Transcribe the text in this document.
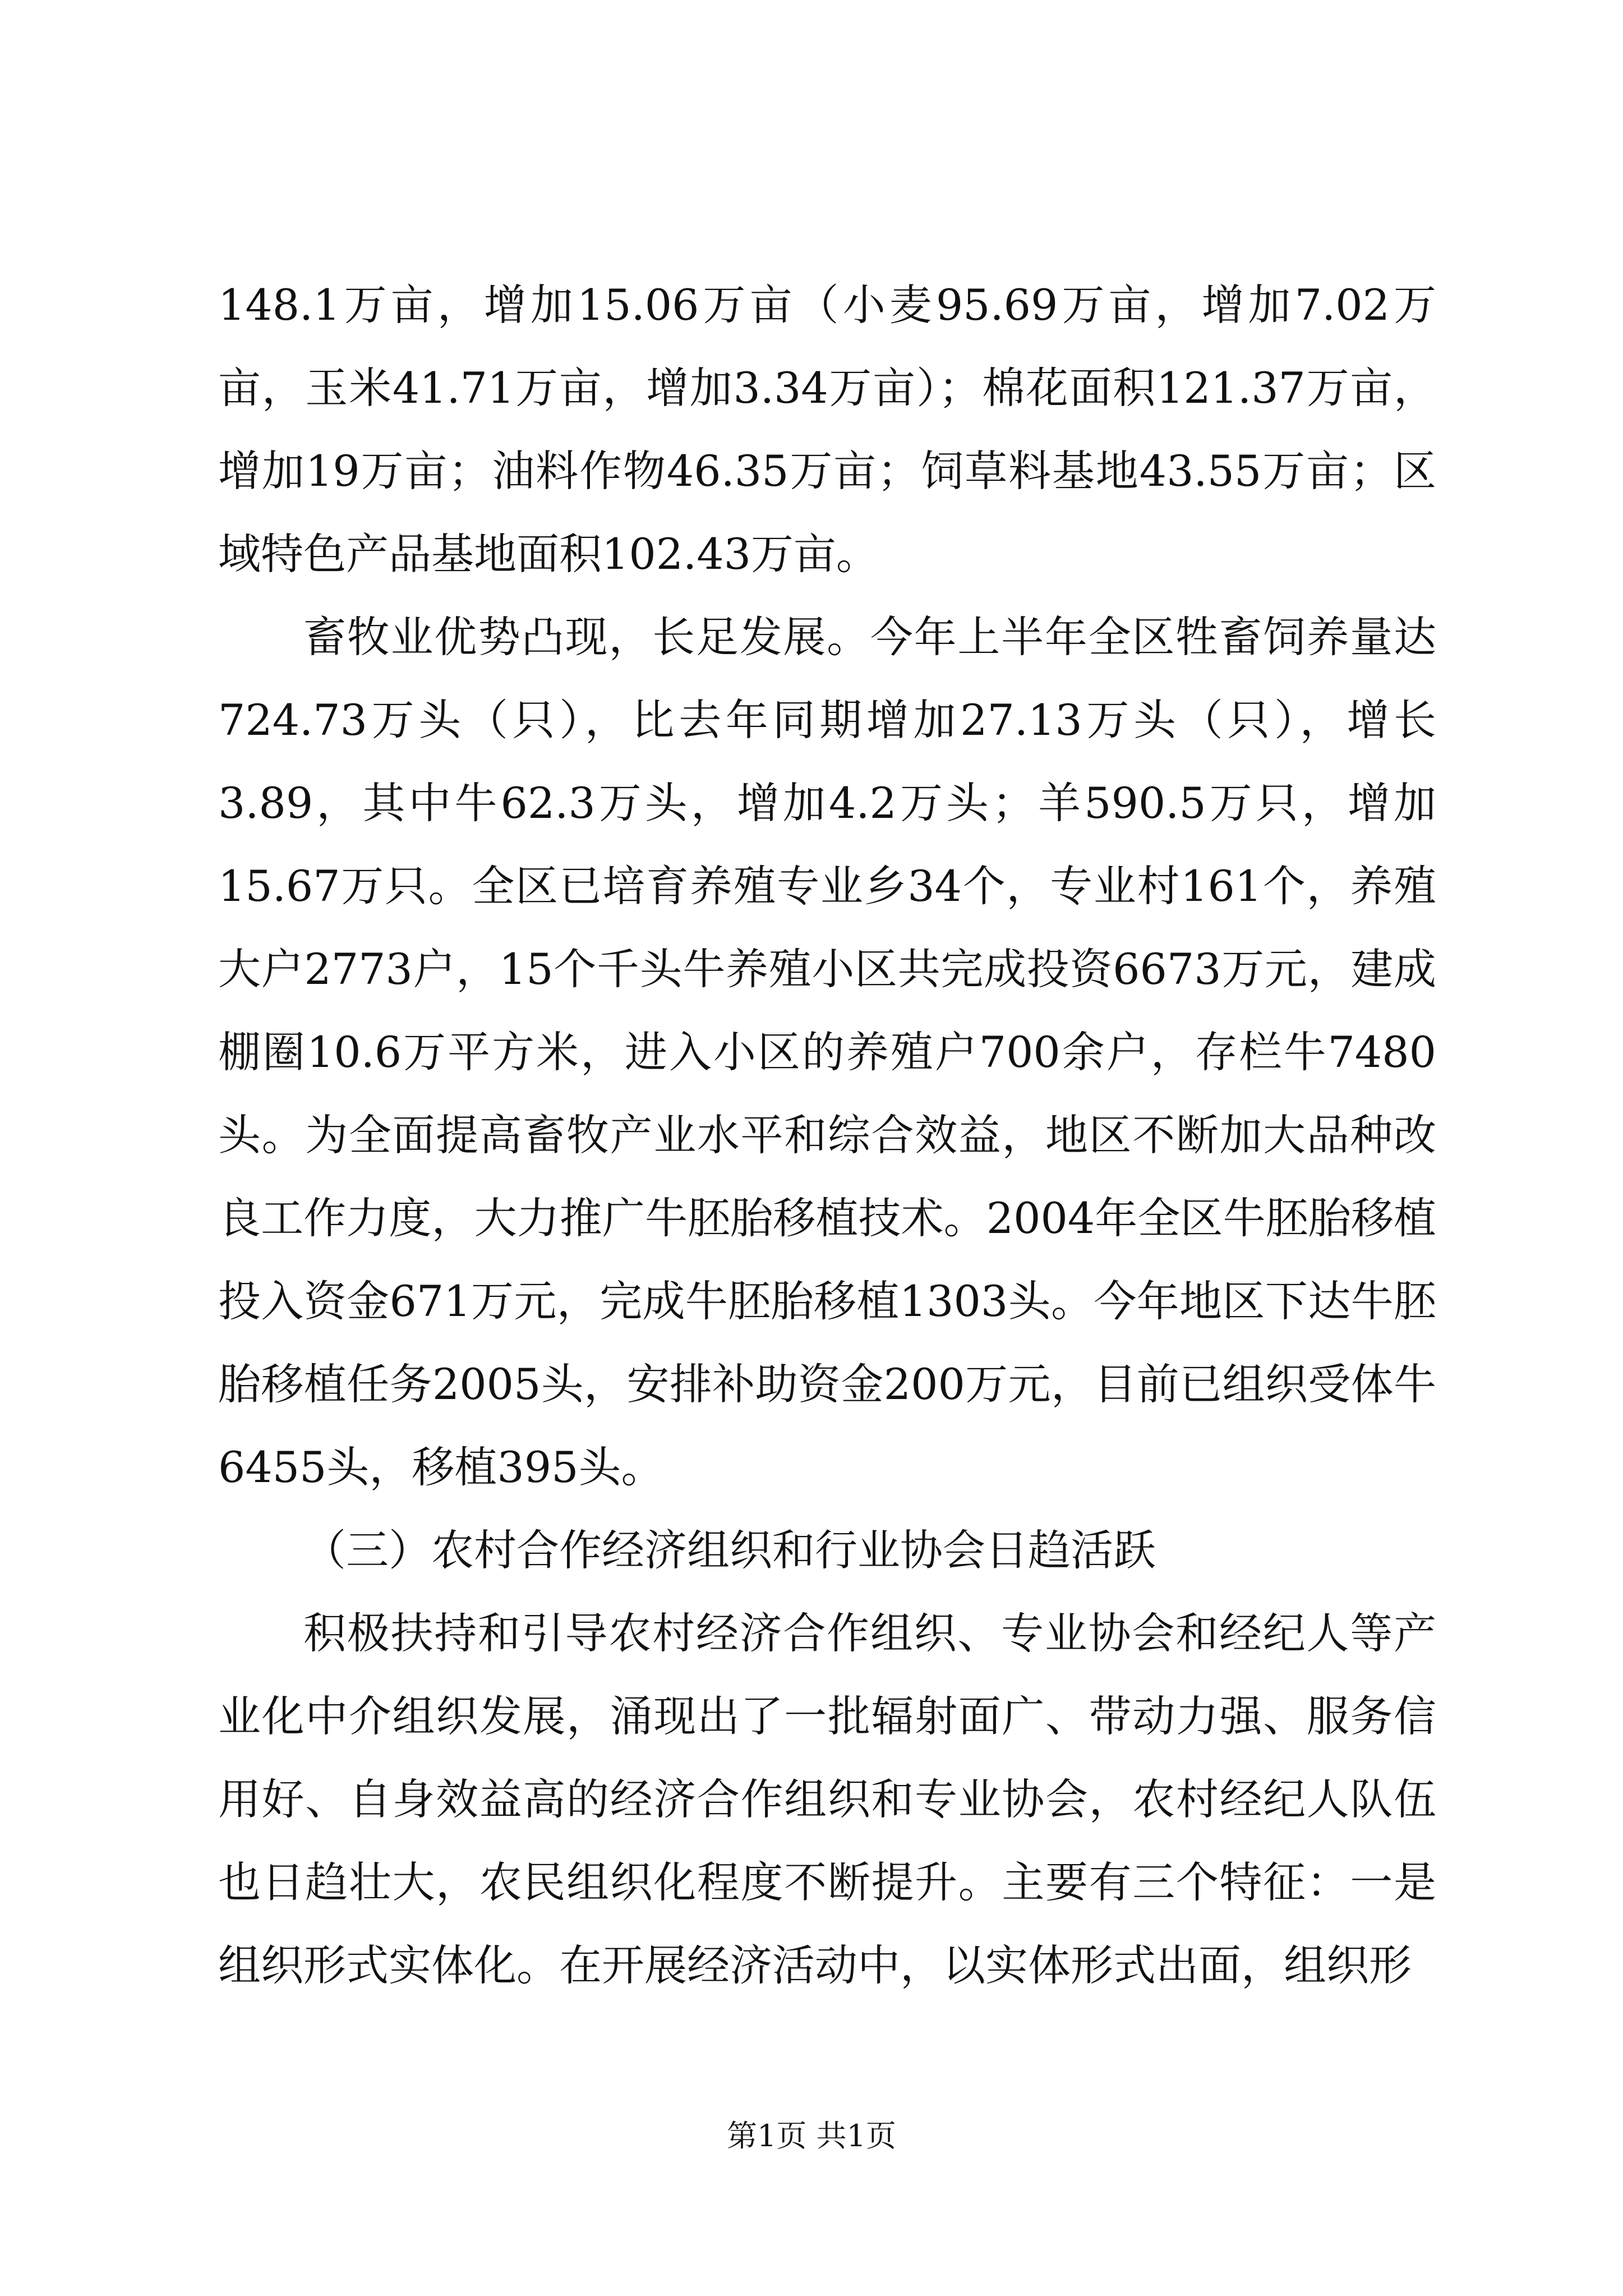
148.1万亩，增加15.06万亩（小麦95.69万亩，增加7.02万亩，玉米41.71万亩，增加3.34万亩）；棉花面积121.37万亩，增加19万亩；油料作物46.35万亩；饲草料基地43.55万亩；区域特色产品基地面积102.43万亩。

畜牧业优势凸现，长足发展。今年上半年全区牲畜饲养量达724.73万头（只），比去年同期增加27.13万头（只），增长3.89，其中牛62.3万头，增加4.2万头；羊590.5万只，增加15.67万只。全区已培育养殖专业乡34个，专业村161个，养殖大户2773户，15个千头牛养殖小区共完成投资6673万元，建成棚圈10.6万平方米，进入小区的养殖户700余户，存栏牛7480头。为全面提高畜牧产业水平和综合效益，地区不断加大品种改良工作力度，大力推广牛胚胎移植技术。2004年全区牛胚胎移植投入资金671万元，完成牛胚胎移植1303头。今年地区下达牛胚胎移植任务2005头，安排补助资金200万元，目前已组织受体牛6455头，移植395头。

（三）农村合作经济组织和行业协会日趋活跃

积极扶持和引导农村经济合作组织、专业协会和经纪人等产业化中介组织发展，涌现出了一批辐射面广、带动力强、服务信用好、自身效益高的经济合作组织和专业协会，农村经纪人队伍也日趋壮大，农民组织化程度不断提升。主要有三个特征：一是组织形式实体化。在开展经济活动中，以实体形式出面，组织形

第1页 共1页
